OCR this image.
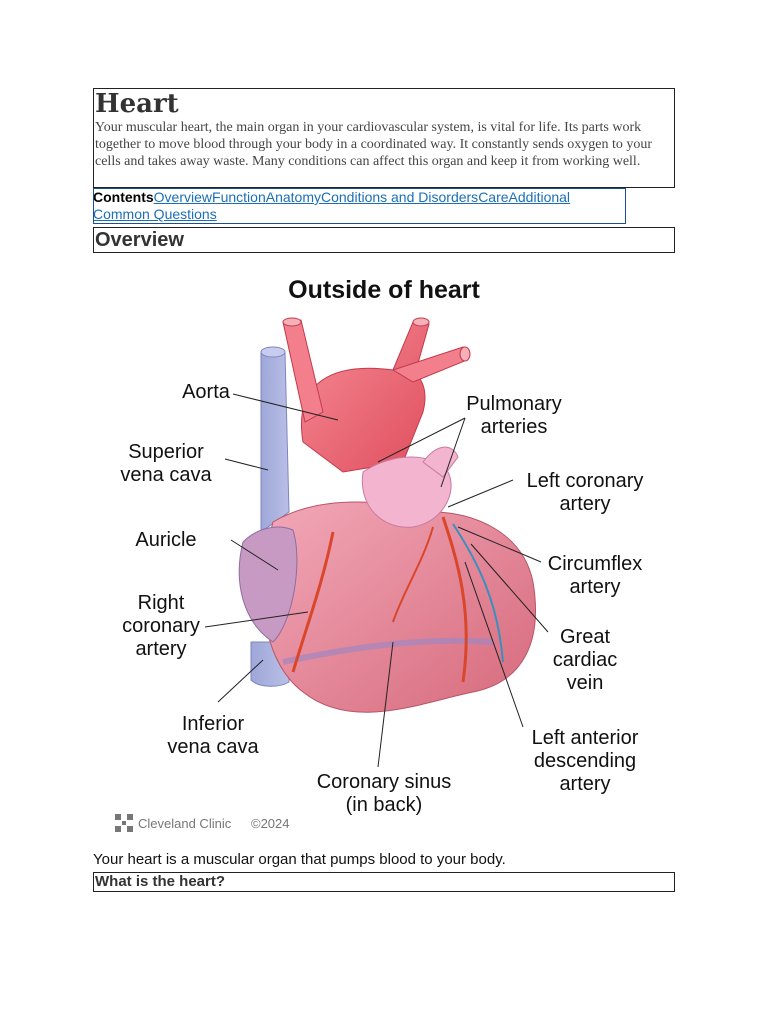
Heart

Your muscular heart, the main organ in your cardiovascular system, is vital for life. Its parts work together to move blood through your body in a coordinated way. It constantly sends oxygen to your cells and takes away waste. Many conditions can affect this organ and keep it from working well.

ContentsOverviewFunctionAnatomyConditions and DisordersCareAdditional Common Questions
Overview
Outside of heart
Aorta
Superior
vena cava
Auricle
Right
coronary
artery
Inferior
vena cava
Pulmonary
arteries
Left coronary
artery
Circumflex
artery
Great
cardiac
vein
Left anterior
descending
artery
Coronary sinus
(in back)
Cleveland Clinic ©2024
Your heart is a muscular organ that pumps blood to your body.
What is the heart?
